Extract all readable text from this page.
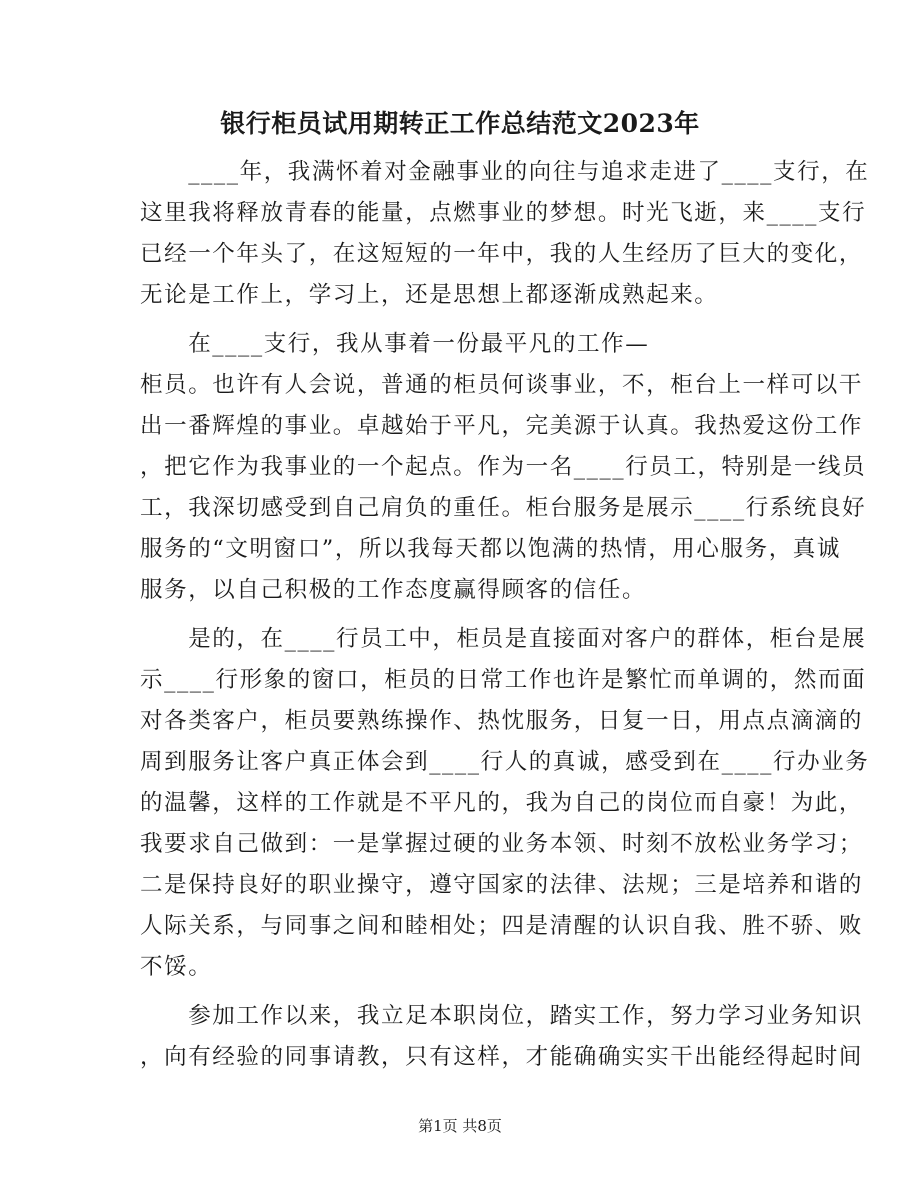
银行柜员试用期转正工作总结范文2023年
　　____年，我满怀着对金融事业的向往与追求走进了____支行，在
这里我将释放青春的能量，点燃事业的梦想。时光飞逝，来____支行
已经一个年头了，在这短短的一年中，我的人生经历了巨大的变化，
无论是工作上，学习上，还是思想上都逐渐成熟起来。
　　在____支行，我从事着一份最平凡的工作—
柜员。也许有人会说，普通的柜员何谈事业，不，柜台上一样可以干
出一番辉煌的事业。卓越始于平凡，完美源于认真。我热爱这份工作
，把它作为我事业的一个起点。作为一名____行员工，特别是一线员
工，我深切感受到自己肩负的重任。柜台服务是展示____行系统良好
服务的“文明窗口”，所以我每天都以饱满的热情，用心服务，真诚
服务，以自己积极的工作态度赢得顾客的信任。
　　是的，在____行员工中，柜员是直接面对客户的群体，柜台是展
示____行形象的窗口，柜员的日常工作也许是繁忙而单调的，然而面
对各类客户，柜员要熟练操作、热忱服务，日复一日，用点点滴滴的
周到服务让客户真正体会到____行人的真诚，感受到在____行办业务
的温馨，这样的工作就是不平凡的，我为自己的岗位而自豪！为此，
我要求自己做到：一是掌握过硬的业务本领、时刻不放松业务学习；
二是保持良好的职业操守，遵守国家的法律、法规；三是培养和谐的
人际关系，与同事之间和睦相处；四是清醒的认识自我、胜不骄、败
不馁。
　　参加工作以来，我立足本职岗位，踏实工作，努力学习业务知识
，向有经验的同事请教，只有这样，才能确确实实干出能经得起时间
第1页 共8页
